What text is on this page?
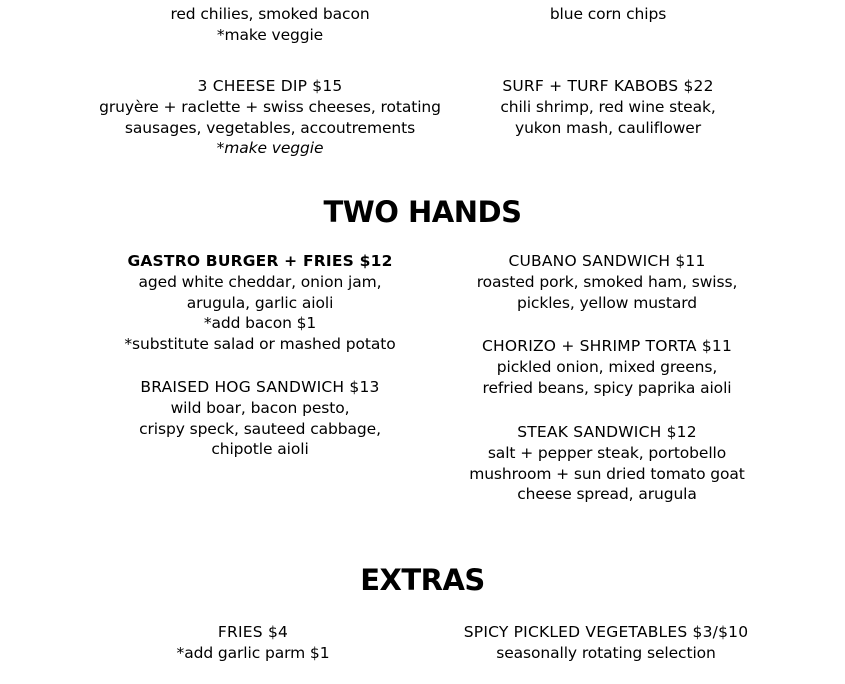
red chilies, smoked bacon
*make veggie
blue corn chips
3 CHEESE DIP $15
gruyère + raclette + swiss cheeses, rotating
sausages, vegetables, accoutrements
*make veggie
SURF + TURF KABOBS $22
chili shrimp, red wine steak,
yukon mash, cauliflower
TWO HANDS
GASTRO BURGER + FRIES $12
aged white cheddar, onion jam,
arugula, garlic aioli
*add bacon $1
*substitute salad or mashed potato
BRAISED HOG SANDWICH $13
wild boar, bacon pesto,
crispy speck, sauteed cabbage,
chipotle aioli
CUBANO SANDWICH $11
roasted pork, smoked ham, swiss,
pickles, yellow mustard
CHORIZO + SHRIMP TORTA $11
pickled onion, mixed greens,
refried beans, spicy paprika aioli
STEAK SANDWICH $12
salt + pepper steak, portobello
mushroom + sun dried tomato goat
cheese spread, arugula
EXTRAS
FRIES $4
*add garlic parm $1
SPICY PICKLED VEGETABLES $3/$10
seasonally rotating selection
